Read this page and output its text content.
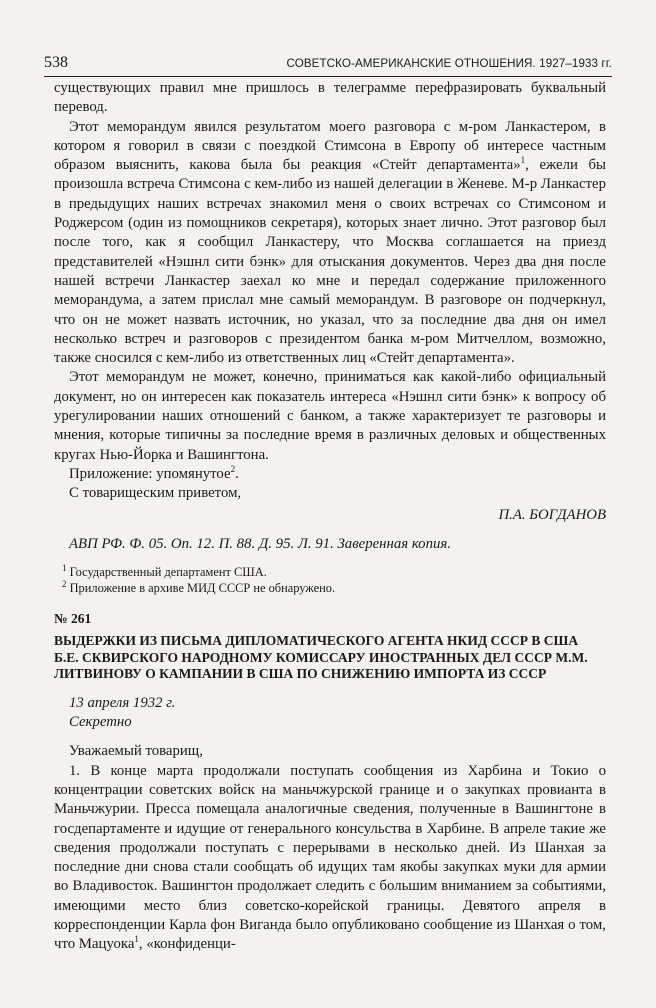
538	СОВЕТСКО-АМЕРИКАНСКИЕ ОТНОШЕНИЯ. 1927–1933 гг.

существующих правил мне пришлось в телеграмме перефразировать буквальный перевод.

Этот меморандум явился результатом моего разговора с м-ром Ланкастером, в котором я говорил в связи с поездкой Стимсона в Европу об интересе частным образом выяснить, какова была бы реакция «Стейт департамента»$^1$, ежели бы произошла встреча Стимсона с кем-либо из нашей делегации в Женеве. М-р Ланкастер в предыдущих наших встречах знакомил меня о своих встречах со Стимсоном и Роджерсом (один из помощников секретаря), которых знает лично. Этот разговор был после того, как я сообщил Ланкастеру, что Москва соглашается на приезд представителей «Нэшнл сити бэнк» для отыскания документов. Через два дня после нашей встречи Ланкастер заехал ко мне и передал содержание приложенного меморандума, а затем прислал мне самый меморандум. В разговоре он подчеркнул, что он не может назвать источник, но указал, что за последние два дня он имел несколько встреч и разговоров с президентом банка м-ром Митчеллом, возможно, также сносился с кем-либо из ответственных лиц «Стейт департамента».

Этот меморандум не может, конечно, приниматься как какой-либо официальный документ, но он интересен как показатель интереса «Нэшнл сити бэнк» к вопросу об урегулировании наших отношений с банком, а также характеризует те разговоры и мнения, которые типичны за последние время в различных деловых и общественных кругах Нью-Йорка и Вашингтона.

Приложение: упомянутое$^2$.

С товарищеским приветом,

П.А. БОГДАНОВ

АВП РФ. Ф. 05. Оп. 12. П. 88. Д. 95. Л. 91. Заверенная копия.

$^1$ Государственный департамент США.
$^2$ Приложение в архиве МИД СССР не обнаружено.
№ 261
ВЫДЕРЖКИ ИЗ ПИСЬМА ДИПЛОМАТИЧЕСКОГО АГЕНТА НКИД СССР В США Б.Е. СКВИРСКОГО НАРОДНОМУ КОМИССАРУ ИНОСТРАННЫХ ДЕЛ СССР М.М. ЛИТВИНОВУ О КАМПАНИИ В США ПО СНИЖЕНИЮ ИМПОРТА ИЗ СССР
13 апреля 1932 г.
Секретно
Уважаемый товарищ,

1. В конце марта продолжали поступать сообщения из Харбина и Токио о концентрации советских войск на маньчжурской границе и о закупках провианта в Маньчжурии. Пресса помещала аналогичные сведения, полученные в Вашингтоне в госдепартаменте и идущие от генерального консульства в Харбине. В апреле такие же сведения продолжали поступать с перерывами в несколько дней. Из Шанхая за последние дни снова стали сообщать об идущих там якобы закупках муки для армии во Владивосток. Вашингтон продолжает следить с большим вниманием за событиями, имеющими место близ советско-корейской границы. Девятого апреля в корреспонденции Карла фон Виганда было опубликовано сообщение из Шанхая о том, что Мацуока$^1$, «конфиденци-
